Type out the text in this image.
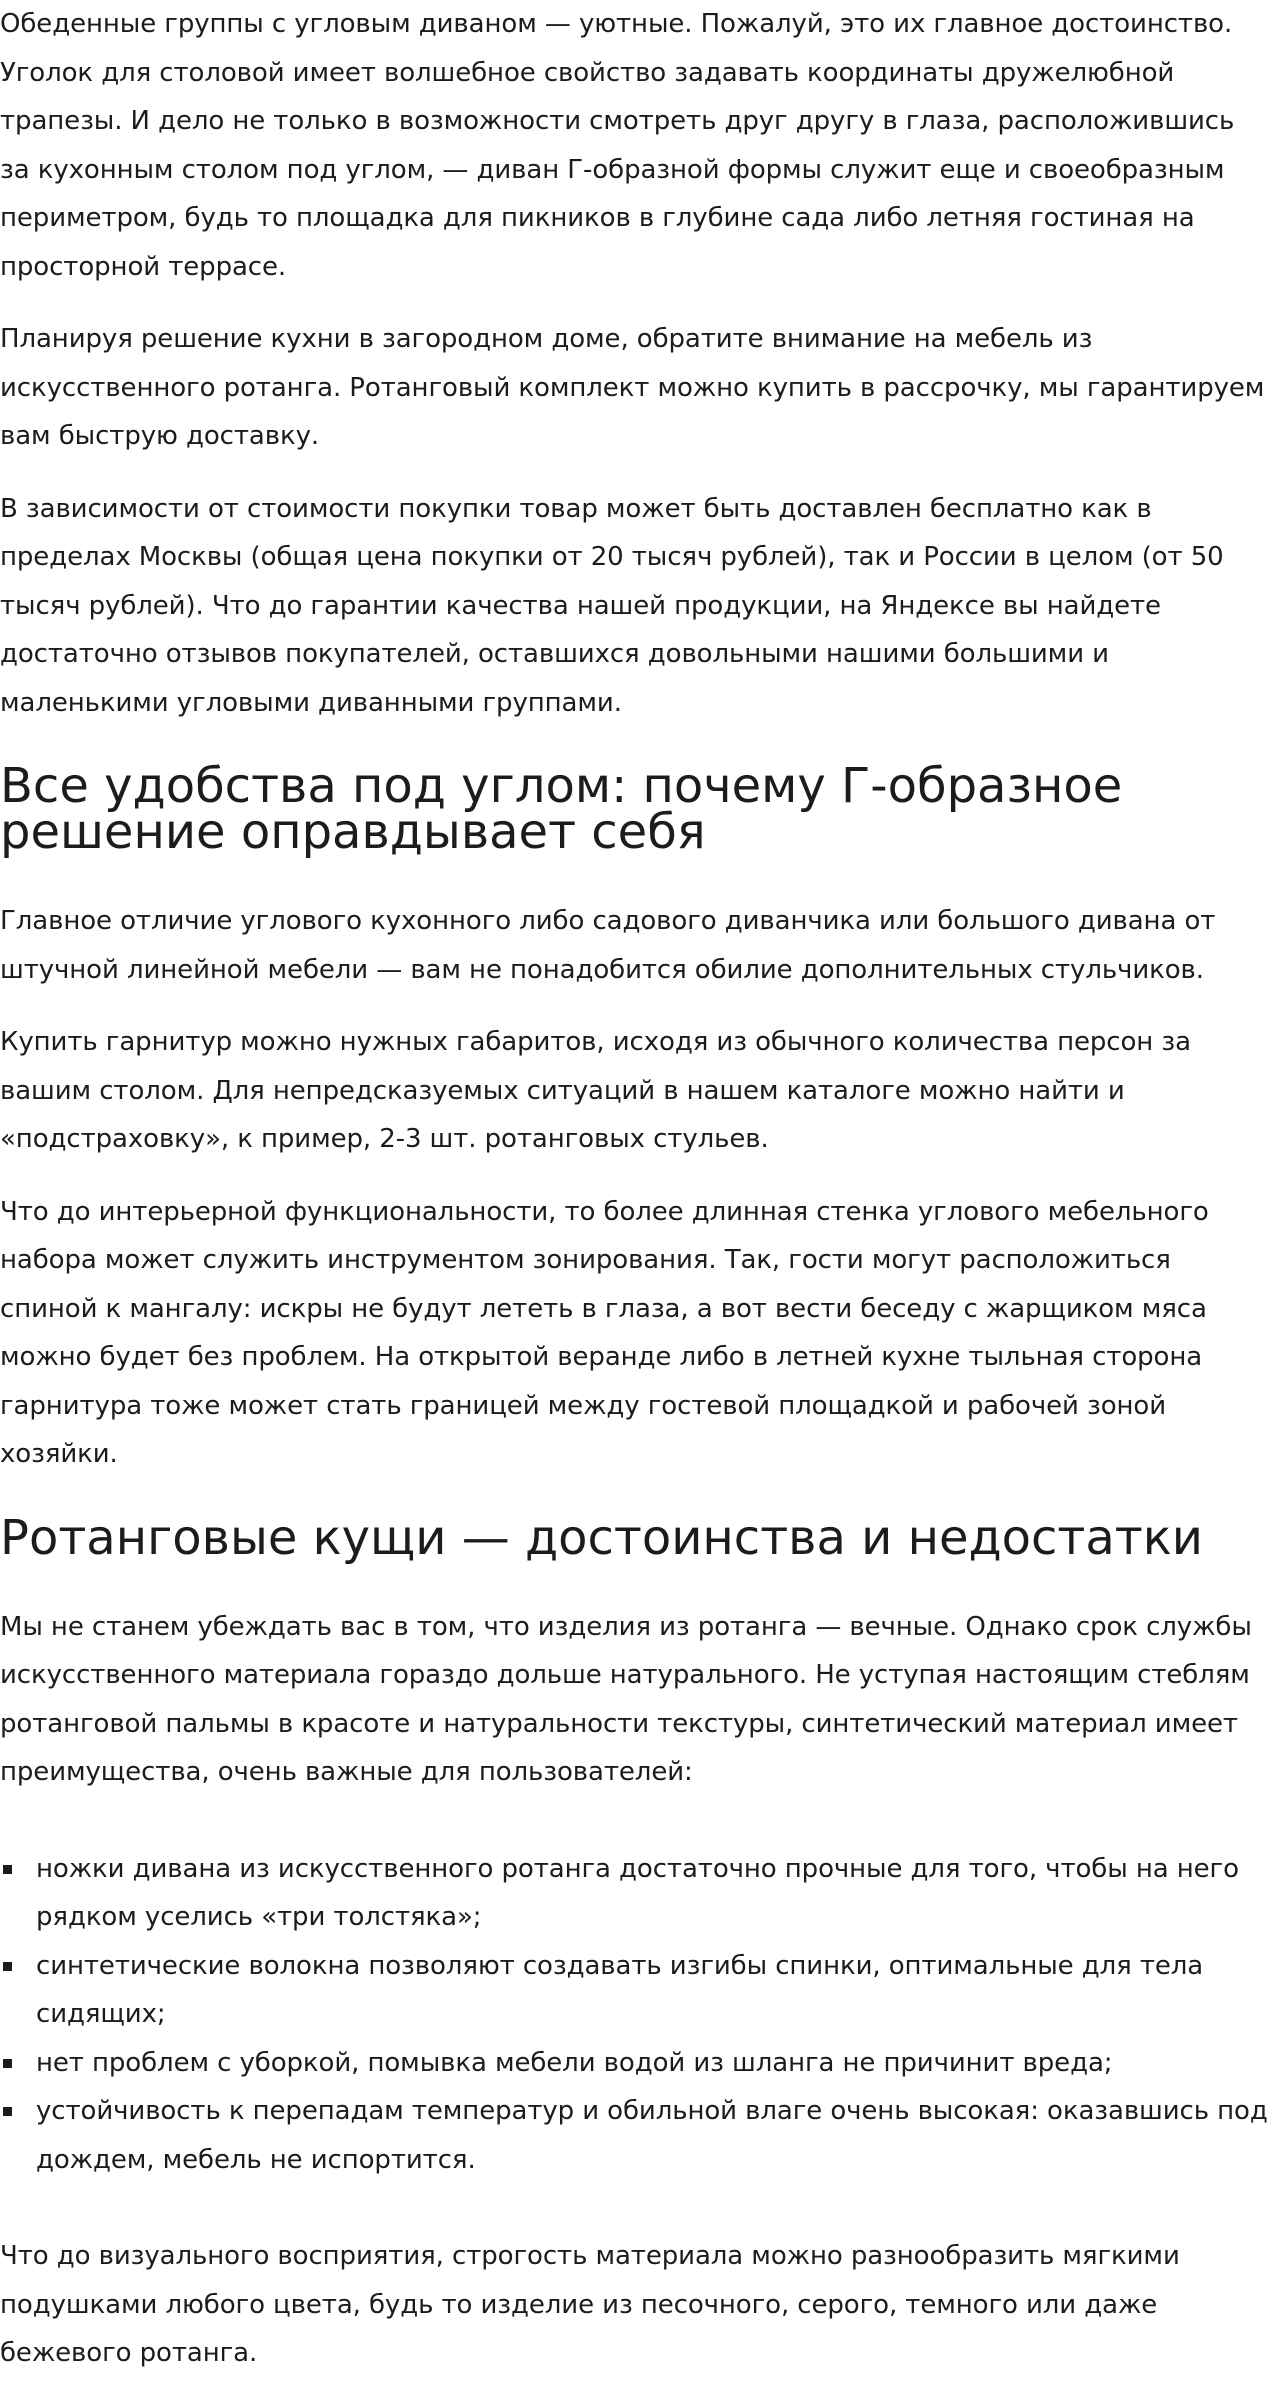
Обеденные группы с угловым диваном — уютные. Пожалуй, это их главное достоинство. Уголок для столовой имеет волшебное свойство задавать координаты дружелюбной трапезы. И дело не только в возможности смотреть друг другу в глаза, расположившись за кухонным столом под углом, — диван Г-образной формы служит еще и своеобразным периметром, будь то площадка для пикников в глубине сада либо летняя гостиная на просторной террасе.

Планируя решение кухни в загородном доме, обратите внимание на мебель из искусственного ротанга. Ротанговый комплект можно купить в рассрочку, мы гарантируем вам быструю доставку.

В зависимости от стоимости покупки товар может быть доставлен бесплатно как в пределах Москвы (общая цена покупки от 20 тысяч рублей), так и России в целом (от 50 тысяч рублей). Что до гарантии качества нашей продукции, на Яндексе вы найдете достаточно отзывов покупателей, оставшихся довольными нашими большими и маленькими угловыми диванными группами.

Все удобства под углом: почему Г-образное решение оправдывает себя

Главное отличие углового кухонного либо садового диванчика или большого дивана от штучной линейной мебели — вам не понадобится обилие дополнительных стульчиков.

Купить гарнитур можно нужных габаритов, исходя из обычного количества персон за вашим столом. Для непредсказуемых ситуаций в нашем каталоге можно найти и «подстраховку», к пример, 2-3 шт. ротанговых стульев.

Что до интерьерной функциональности, то более длинная стенка углового мебельного набора может служить инструментом зонирования. Так, гости могут расположиться спиной к мангалу: искры не будут лететь в глаза, а вот вести беседу с жарщиком мяса можно будет без проблем. На открытой веранде либо в летней кухне тыльная сторона гарнитура тоже может стать границей между гостевой площадкой и рабочей зоной хозяйки.

Ротанговые кущи — достоинства и недостатки

Мы не станем убеждать вас в том, что изделия из ротанга — вечные. Однако срок службы искусственного материала гораздо дольше натурального. Не уступая настоящим стеблям ротанговой пальмы в красоте и натуральности текстуры, синтетический материал имеет преимущества, очень важные для пользователей:

ножки дивана из искусственного ротанга достаточно прочные для того, чтобы на него рядком уселись «три толстяка»;
синтетические волокна позволяют создавать изгибы спинки, оптимальные для тела сидящих;
нет проблем с уборкой, помывка мебели водой из шланга не причинит вреда;
устойчивость к перепадам температур и обильной влаге очень высокая: оказавшись под дождем, мебель не испортится.

Что до визуального восприятия, строгость материала можно разнообразить мягкими подушками любого цвета, будь то изделие из песочного, серого, темного или даже бежевого ротанга.
